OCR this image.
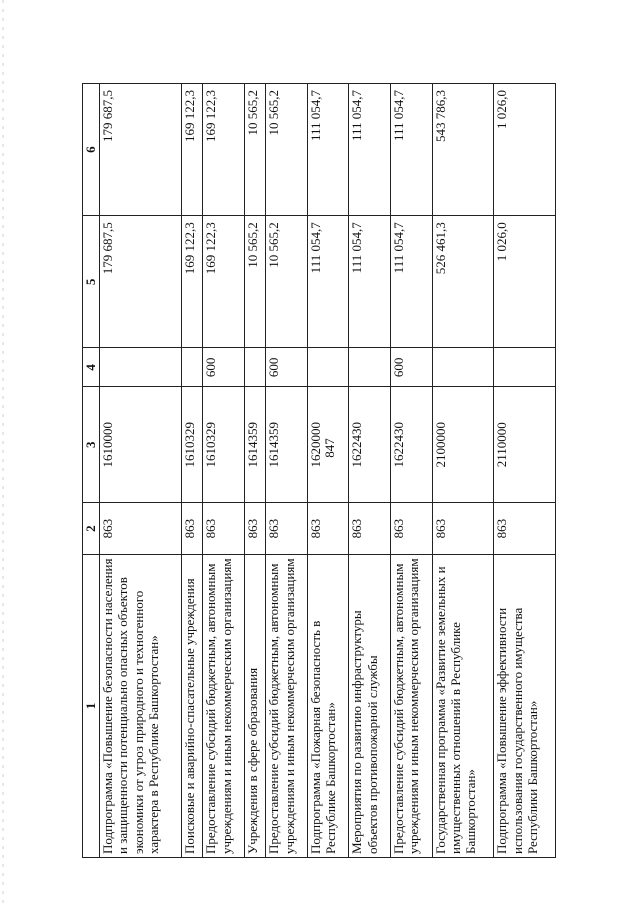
847
1	2	3	4	5	6
Подпрограмма «Повышение безопасности населения и защищенности потенциально опасных объектов экономики от угроз природного и техногенного характера в Республике Башкортостан»	863	1610000		179 687,5	179 687,5
Поисковые и аварийно-спасательные учреждения	863	1610329		169 122,3	169 122,3
Предоставление субсидий бюджетным, автономным учреждениям и иным некоммерческим организациям	863	1610329	600	169 122,3	169 122,3
Учреждения в сфере образования	863	1614359		10 565,2	10 565,2
Предоставление субсидий бюджетным, автономным учреждениям и иным некоммерческим организациям	863	1614359	600	10 565,2	10 565,2
Подпрограмма «Пожарная безопасность в Республике Башкортостан»	863	1620000		111 054,7	111 054,7
Мероприятия по развитию инфраструктуры объектов противопожарной службы	863	1622430		111 054,7	111 054,7
Предоставление субсидий бюджетным, автономным учреждениям и иным некоммерческим организациям	863	1622430	600	111 054,7	111 054,7
Государственная программа «Развитие земельных и имущественных отношений в Республике Башкортостан»	863	2100000		526 461,3	543 786,3
Подпрограмма «Повышение эффективности использования государственного имущества Республики Башкортостан»	863	2110000		1 026,0	1 026,0
